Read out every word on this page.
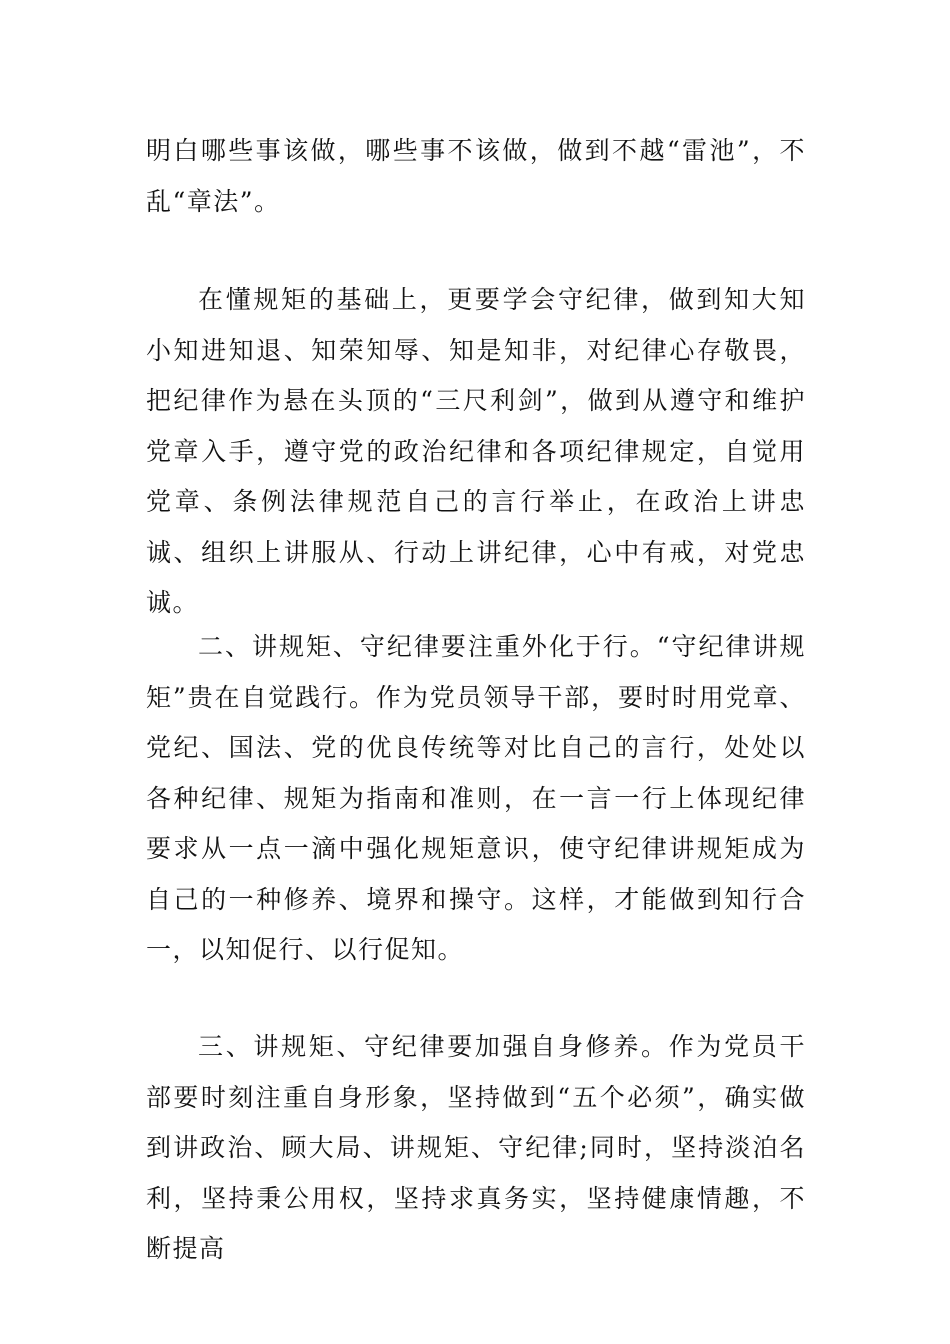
明白哪些事该做，哪些事不该做，做到不越“雷池”，不乱“章法”。

在懂规矩的基础上，更要学会守纪律，做到知大知小知进知退、知荣知辱、知是知非，对纪律心存敬畏，把纪律作为悬在头顶的“三尺利剑”，做到从遵守和维护党章入手，遵守党的政治纪律和各项纪律规定，自觉用党章、条例法律规范自己的言行举止，在政治上讲忠诚、组织上讲服从、行动上讲纪律，心中有戒，对党忠诚。

二、讲规矩、守纪律要注重外化于行。“守纪律讲规矩”贵在自觉践行。作为党员领导干部，要时时用党章、党纪、国法、党的优良传统等对比自己的言行，处处以各种纪律、规矩为指南和准则，在一言一行上体现纪律要求从一点一滴中强化规矩意识，使守纪律讲规矩成为自己的一种修养、境界和操守。这样，才能做到知行合一，以知促行、以行促知。

三、讲规矩、守纪律要加强自身修养。作为党员干部要时刻注重自身形象，坚持做到“五个必须”，确实做到讲政治、顾大局、讲规矩、守纪律;同时，坚持淡泊名利，坚持秉公用权，坚持求真务实，坚持健康情趣，不断提高
